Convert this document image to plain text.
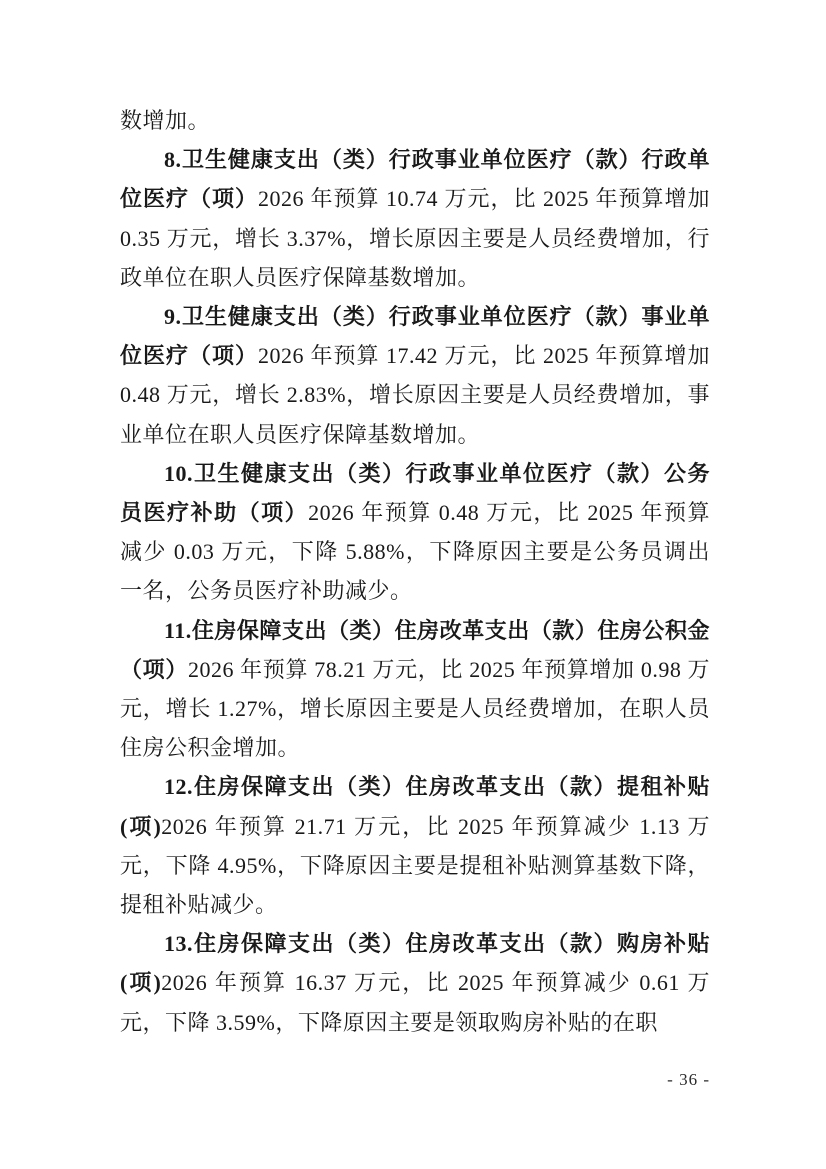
数增加。

8.卫生健康支出（类）行政事业单位医疗（款）行政单位医疗（项）2026 年预算 10.74 万元，比 2025 年预算增加 0.35 万元，增长 3.37%，增长原因主要是人员经费增加，行政单位在职人员医疗保障基数增加。

9.卫生健康支出（类）行政事业单位医疗（款）事业单位医疗（项）2026 年预算 17.42 万元，比 2025 年预算增加 0.48 万元，增长 2.83%，增长原因主要是人员经费增加，事业单位在职人员医疗保障基数增加。

10.卫生健康支出（类）行政事业单位医疗（款）公务员医疗补助（项）2026 年预算 0.48 万元，比 2025 年预算减少 0.03 万元，下降 5.88%，下降原因主要是公务员调出一名，公务员医疗补助减少。

11.住房保障支出（类）住房改革支出（款）住房公积金（项）2026 年预算 78.21 万元，比 2025 年预算增加 0.98 万元，增长 1.27%，增长原因主要是人员经费增加，在职人员住房公积金增加。

12.住房保障支出（类）住房改革支出（款）提租补贴(项)2026 年预算 21.71 万元，比 2025 年预算减少 1.13 万元，下降 4.95%，下降原因主要是提租补贴测算基数下降，提租补贴减少。

13.住房保障支出（类）住房改革支出（款）购房补贴(项)2026 年预算 16.37 万元，比 2025 年预算减少 0.61 万元，下降 3.59%，下降原因主要是领取购房补贴的在职

- 36 -
